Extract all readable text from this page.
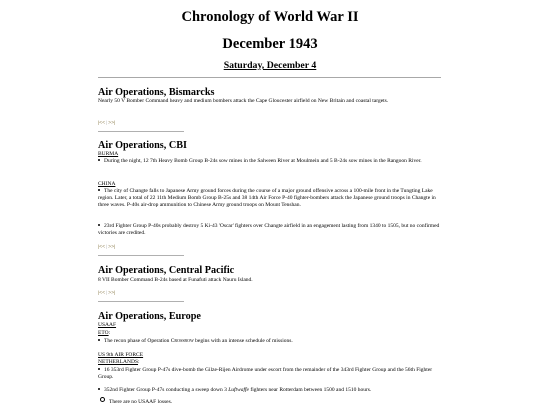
Chronology of World War II
December 1943
Saturday, December 4
Air Operations, Bismarcks
Nearly 50 V Bomber Command heavy and medium bombers attack the Cape Gloucester airfield on New Britain and coastal targets.
|<< | >>|
Air Operations, CBI
BURMA
During the night, 12 7th Heavy Bomb Group B-24s sow mines in the Salween River at Moulmein and 5 B-24s sow mines in the Rangoon River.
CHINA
The city of Changte falls to Japanese Army ground forces during the course of a major ground offensive across a 100-mile front in the Tungting Lake region. Later, a total of 22 11th Medium Bomb Group B-25s and 38 14th Air Force P-40 fighter-bombers attack the Japanese ground troops in Changte in three waves. P-40s air-drop ammunition to Chinese Army ground troops on Mount Tenshan.
23rd Fighter Group P-40s probably destroy 5 Ki-43 'Oscar' fighters over Changte airfield in an engagement lasting from 1340 to 1505, but no confirmed victories are credited.
|<< | >>|
Air Operations, Central Pacific
8 VII Bomber Command B-24s based at Funafuti attack Nauru Island.
|<< | >>|
Air Operations, Europe
USAAF
ETO:
The recon phase of Operation Crossbow begins with an intense schedule of missions.
US 9th AIR FORCE
NETHERLANDS:
16 353rd Fighter Group P-47s dive-bomb the Gilze-Rijen Airdrome under escort from the remainder of the 343rd Fighter Group and the 56th Fighter Group.
352nd Fighter Group P-47s conducting a sweep down 3 Luftwaffe fighters near Rotterdam between 1500 and 1510 hours.
There are no USAAF losses.
